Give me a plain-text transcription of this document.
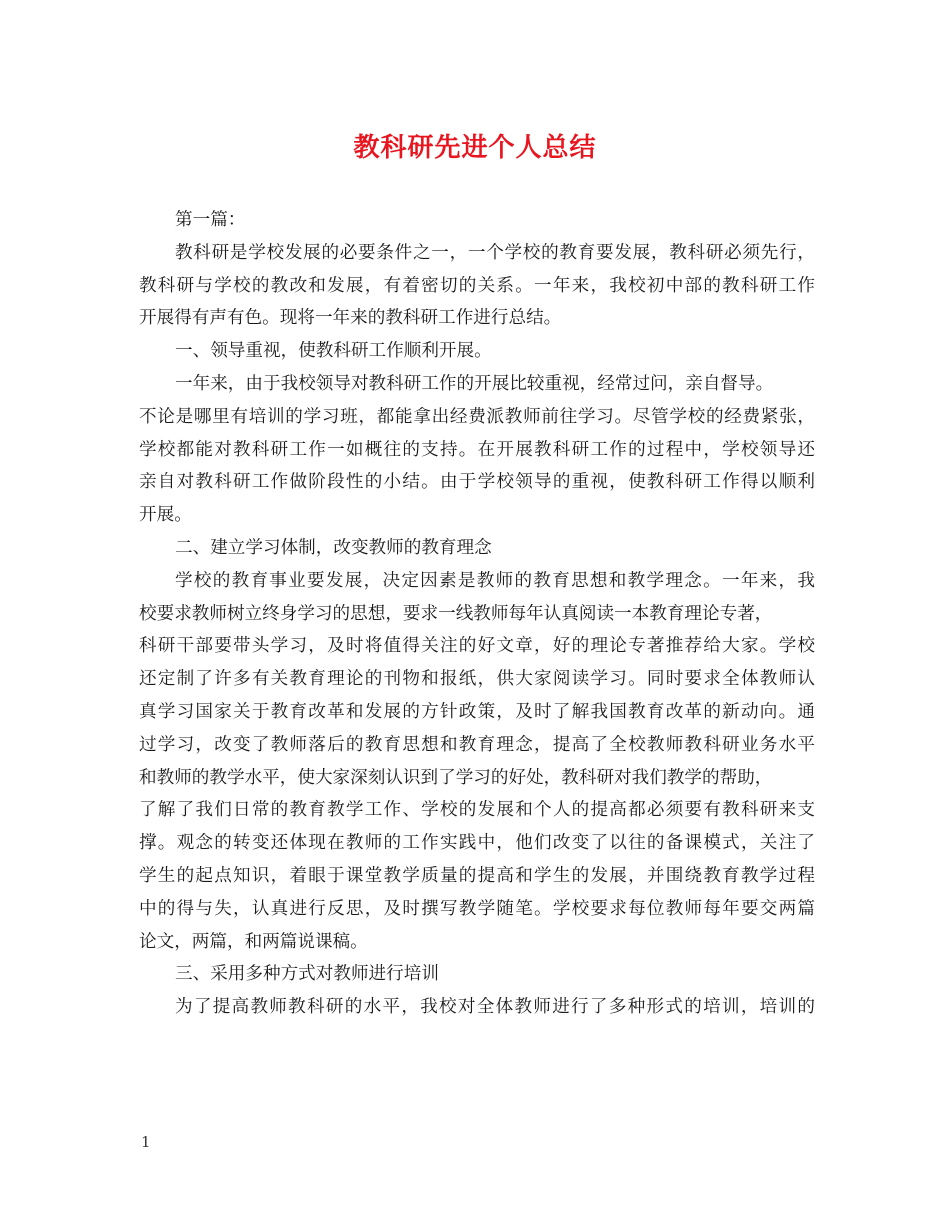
教科研先进个人总结
第一篇：
教科研是学校发展的必要条件之一，一个学校的教育要发展，教科研必须先行，
教科研与学校的教改和发展，有着密切的关系。一年来，我校初中部的教科研工作
开展得有声有色。现将一年来的教科研工作进行总结。
一、领导重视，使教科研工作顺利开展。
一年来，由于我校领导对教科研工作的开展比较重视，经常过问，亲自督导。
不论是哪里有培训的学习班，都能拿出经费派教师前往学习。尽管学校的经费紧张，
学校都能对教科研工作一如概往的支持。在开展教科研工作的过程中，学校领导还
亲自对教科研工作做阶段性的小结。由于学校领导的重视，使教科研工作得以顺利
开展。
二、建立学习体制，改变教师的教育理念
学校的教育事业要发展，决定因素是教师的教育思想和教学理念。一年来，我
校要求教师树立终身学习的思想，要求一线教师每年认真阅读一本教育理论专著，
科研干部要带头学习，及时将值得关注的好文章，好的理论专著推荐给大家。学校
还定制了许多有关教育理论的刊物和报纸，供大家阅读学习。同时要求全体教师认
真学习国家关于教育改革和发展的方针政策，及时了解我国教育改革的新动向。通
过学习，改变了教师落后的教育思想和教育理念，提高了全校教师教科研业务水平
和教师的教学水平，使大家深刻认识到了学习的好处，教科研对我们教学的帮助，
了解了我们日常的教育教学工作、学校的发展和个人的提高都必须要有教科研来支
撑。观念的转变还体现在教师的工作实践中，他们改变了以往的备课模式，关注了
学生的起点知识，着眼于课堂教学质量的提高和学生的发展，并围绕教育教学过程
中的得与失，认真进行反思，及时撰写教学随笔。学校要求每位教师每年要交两篇
论文，两篇，和两篇说课稿。
三、采用多种方式对教师进行培训
为了提高教师教科研的水平，我校对全体教师进行了多种形式的培训，培训的
1
